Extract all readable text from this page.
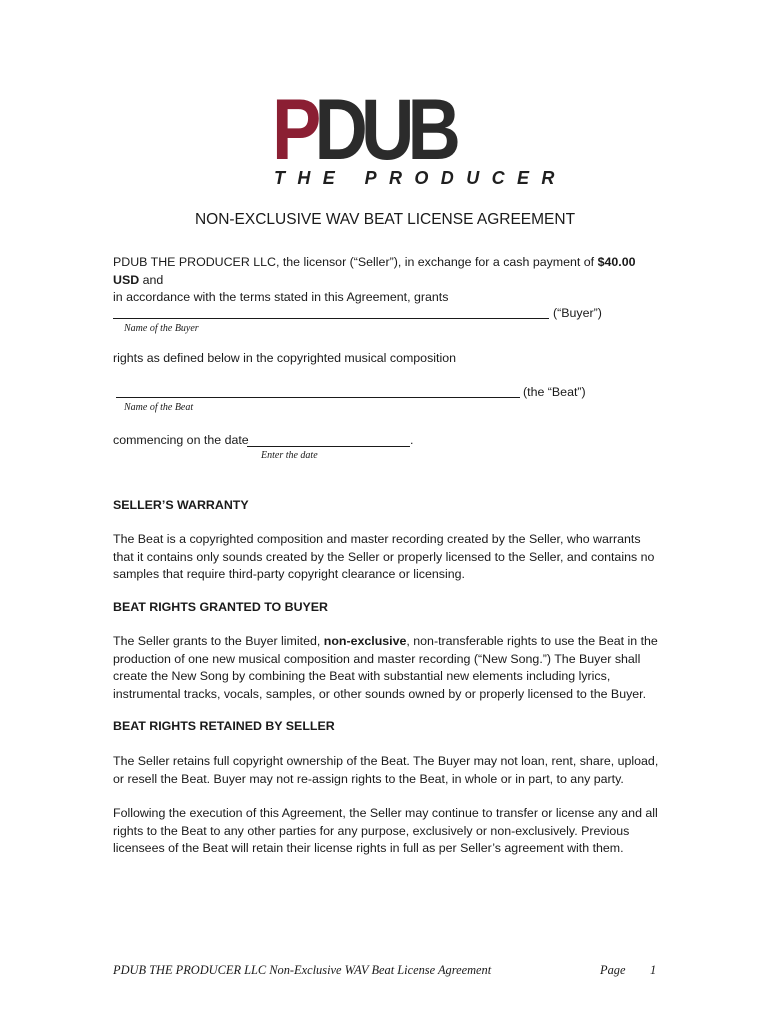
PDUB
THE PRODUCER
NON-EXCLUSIVE WAV BEAT LICENSE AGREEMENT
PDUB THE PRODUCER LLC, the licensor (“Seller”), in exchange for a cash payment of $40.00 USD and
in accordance with the terms stated in this Agreement, grants
(“Buyer”)
Name of the Buyer
rights as defined below in the copyrighted musical composition
(the “Beat”)
Name of the Beat
commencing on the date	.
Enter the date
SELLER’S WARRANTY
The Beat is a copyrighted composition and master recording created by the Seller, who warrants that it contains only sounds created by the Seller or properly licensed to the Seller, and contains no samples that require third-party copyright clearance or licensing.
BEAT RIGHTS GRANTED TO BUYER
The Seller grants to the Buyer limited, non-exclusive, non-transferable rights to use the Beat in the production of one new musical composition and master recording (“New Song.”) The Buyer shall create the New Song by combining the Beat with substantial new elements including lyrics, instrumental tracks, vocals, samples, or other sounds owned by or properly licensed to the Buyer.
BEAT RIGHTS RETAINED BY SELLER
The Seller retains full copyright ownership of the Beat. The Buyer may not loan, rent, share, upload, or resell the Beat. Buyer may not re-assign rights to the Beat, in whole or in part, to any party.
Following the execution of this Agreement, the Seller may continue to transfer or license any and all rights to the Beat to any other parties for any purpose, exclusively or non-exclusively. Previous licensees of the Beat will retain their license rights in full as per Seller’s agreement with them.
PDUB THE PRODUCER LLC Non-Exclusive WAV Beat License Agreement	Page 1
